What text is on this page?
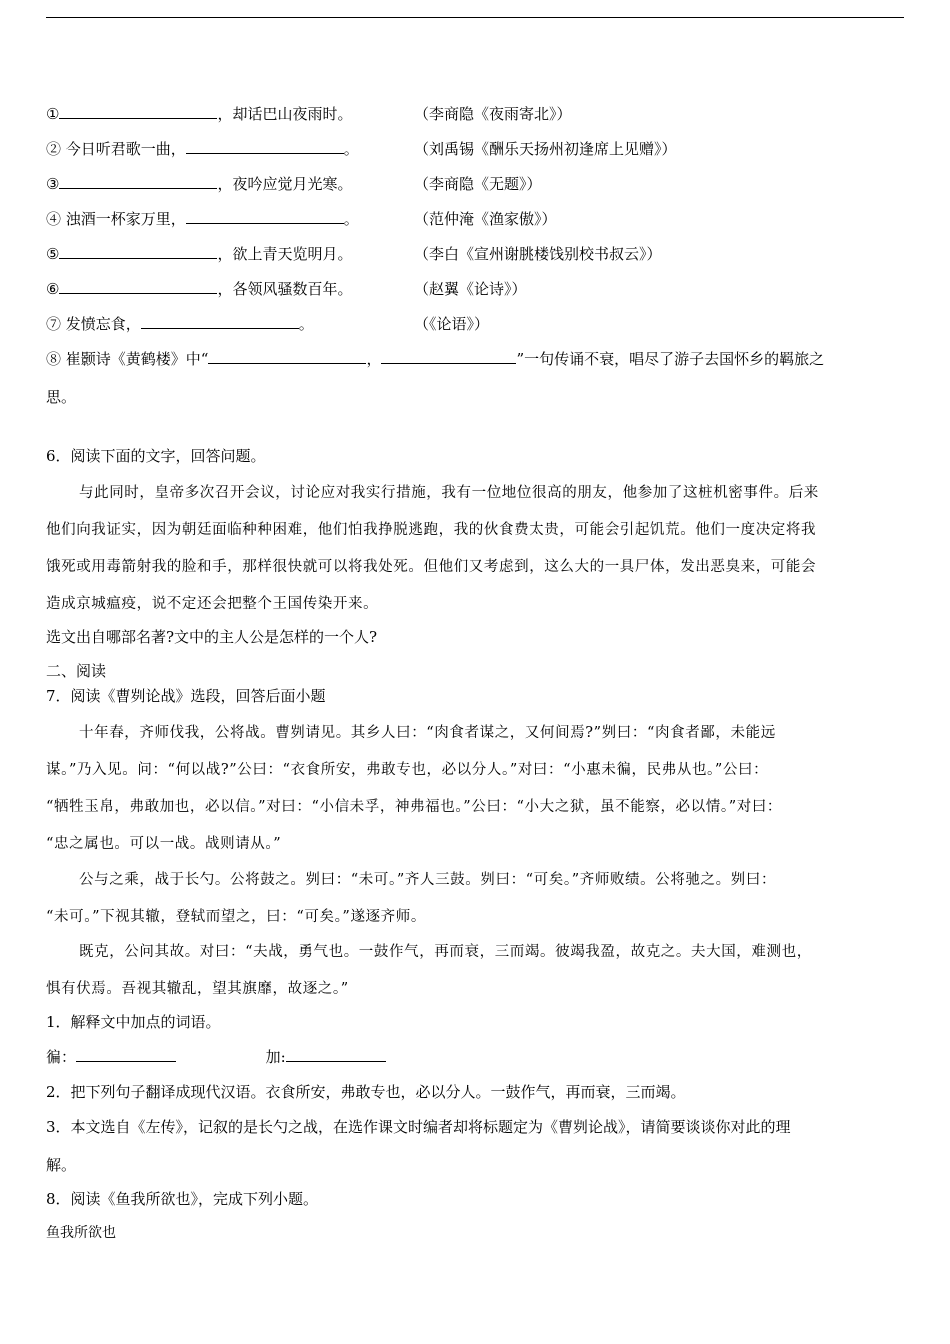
①	，却话巴山夜雨时。	（李商隐《夜雨寄北》）
② 今日听君歌一曲，	。	（刘禹锡《酬乐天扬州初逢席上见赠》）
③	，夜吟应觉月光寒。	（李商隐《无题》）
④ 浊酒一杯家万里，	。	（范仲淹《渔家傲》）
⑤	，欲上青天览明月。	（李白《宣州谢朓楼饯别校书叔云》）
⑥	，各领风骚数百年。	（赵翼《论诗》）
⑦ 发愤忘食，	。	（《论语》）
⑧ 崔颢诗《黄鹤楼》中“	，	”一句传诵不衰，唱尽了游子去国怀乡的羁旅之
思。
6．阅读下面的文字，回答问题。
与此同时，皇帝多次召开会议，讨论应对我实行措施，我有一位地位很高的朋友，他参加了这桩机密事件。后来
他们向我证实，因为朝廷面临种种困难，他们怕我挣脱逃跑，我的伙食费太贵，可能会引起饥荒。他们一度决定将我
饿死或用毒箭射我的脸和手，那样很快就可以将我处死。但他们又考虑到，这么大的一具尸体，发出恶臭来，可能会
造成京城瘟疫，说不定还会把整个王国传染开来。
选文出自哪部名著?文中的主人公是怎样的一个人?
二、阅读
7．阅读《曹刿论战》选段，回答后面小题
十年春，齐师伐我，公将战。曹刿请见。其乡人曰：“肉食者谋之，又何间焉?”刿曰：“肉食者鄙，未能远
谋。”乃入见。问：“何以战?”公曰：“衣食所安，弗敢专也，必以分人。”对曰：“小惠未徧，民弗从也。”公曰：
“牺牲玉帛，弗敢加也，必以信。”对曰：“小信未孚，神弗福也。”公曰：“小大之狱，虽不能察，必以情。”对曰：
“忠之属也。可以一战。战则请从。”
公与之乘，战于长勺。公将鼓之。刿曰：“未可。”齐人三鼓。刿曰：“可矣。”齐师败绩。公将驰之。刿曰：
“未可。”下视其辙，登轼而望之，曰：“可矣。”遂逐齐师。
既克，公问其故。对曰：“夫战，勇气也。一鼓作气，再而衰，三而竭。彼竭我盈，故克之。夫大国，难测也，
惧有伏焉。吾视其辙乱，望其旗靡，故逐之。”
1．解释文中加点的词语。
徧：	加:
2．把下列句子翻译成现代汉语。衣食所安，弗敢专也，必以分人。一鼓作气，再而衰，三而竭。
3．本文选自《左传》，记叙的是长勺之战，在选作课文时编者却将标题定为《曹刿论战》，请简要谈谈你对此的理
解。
8．阅读《鱼我所欲也》，完成下列小题。
鱼我所欲也
